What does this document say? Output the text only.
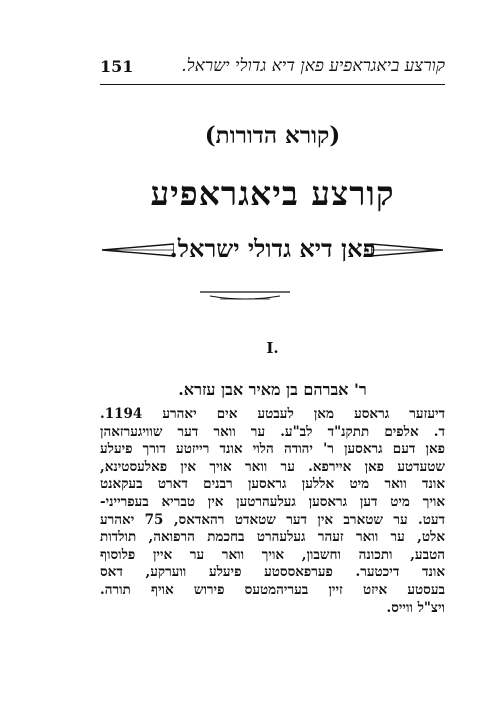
151	קורצע ביאגראפיע פאן דיא גדולי ישראל.
(קורא הדורות)
קורצע ביאגראפיע
פאן דיא גדולי ישראל.
I.
ר' אברהם בן מאיר אבן עזרא.
דיעזער גראסע מאן לעבטע אים יאהרע 1194.
ד. אלפים תתקנ"ד לב"ע. ער וואר דער שוויגערזאהן
פאן דעם גראסען ר' יהודה הלוי אונד רייזטע דורך פיעלע
שטעדטע פאן איירפא. ער וואר אויך אין פאלעסטינא,
אונד וואר מיט אללען גראסען רבנים דארט בעקאנט
אויך מיט דען גראסען געלעהרטען אין טבריא בעפרייני-
דעט. ער שטארב אין דער שטאדט רהאדאס, 75 יאהרע
אלט, ער וואר זעהר געלעהרט בחכמת הרפואה, תולדות
הטבע, ותכונה וחשבון, אויך וואר ער איין פלוסוף
אונד דיכטער. פערפאססטע פיעלע ווערקע, דאס
בעסטע איזט זיין בעריהמטעס פירוש אויף תורה.
ויצ"ל ווייס.
